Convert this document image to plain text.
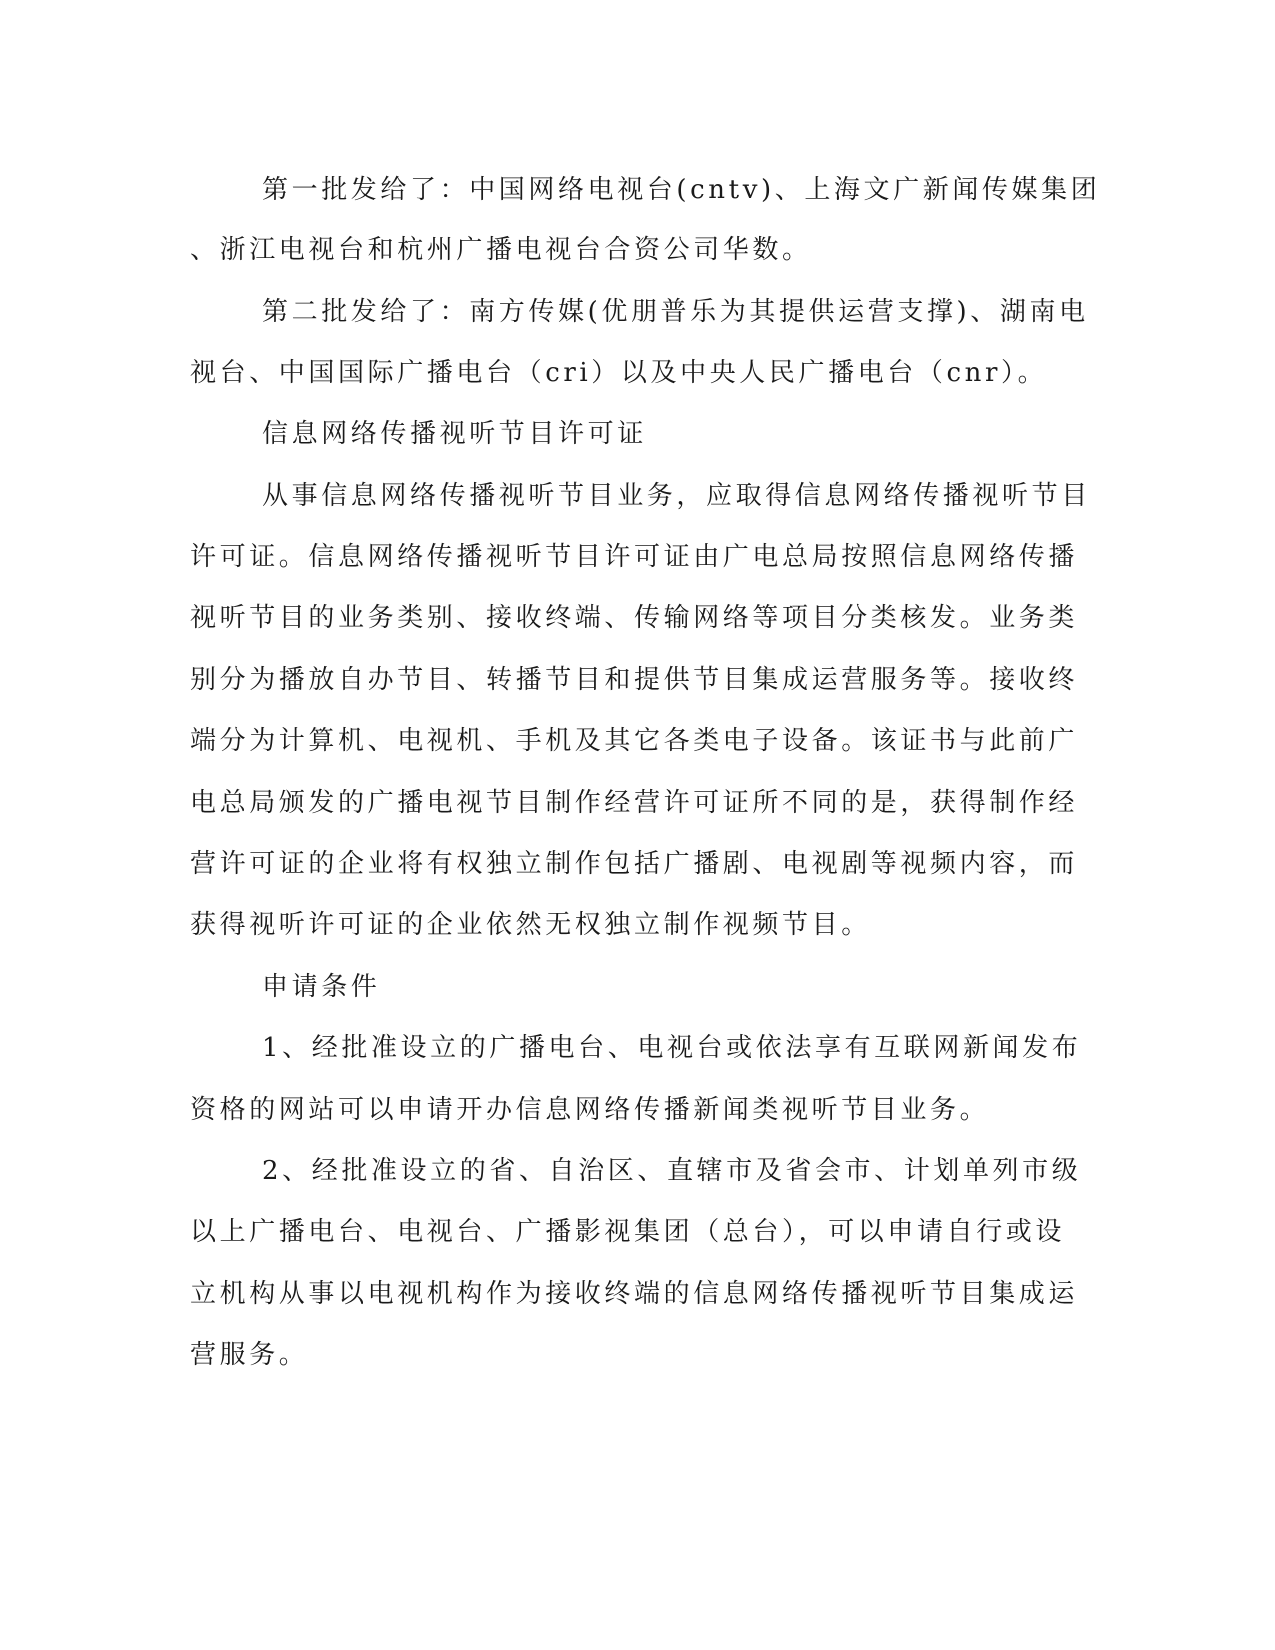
第一批发给了：中国网络电视台(cntv)、上海文广新闻传媒集团
、浙江电视台和杭州广播电视台合资公司华数。
第二批发给了：南方传媒(优朋普乐为其提供运营支撑)、湖南电
视台、中国国际广播电台（cri）以及中央人民广播电台（cnr）。
信息网络传播视听节目许可证
从事信息网络传播视听节目业务，应取得信息网络传播视听节目
许可证。信息网络传播视听节目许可证由广电总局按照信息网络传播
视听节目的业务类别、接收终端、传输网络等项目分类核发。业务类
别分为播放自办节目、转播节目和提供节目集成运营服务等。接收终
端分为计算机、电视机、手机及其它各类电子设备。该证书与此前广
电总局颁发的广播电视节目制作经营许可证所不同的是，获得制作经
营许可证的企业将有权独立制作包括广播剧、电视剧等视频内容，而
获得视听许可证的企业依然无权独立制作视频节目。
申请条件
1、经批准设立的广播电台、电视台或依法享有互联网新闻发布
资格的网站可以申请开办信息网络传播新闻类视听节目业务。
2、经批准设立的省、自治区、直辖市及省会市、计划单列市级
以上广播电台、电视台、广播影视集团（总台），可以申请自行或设
立机构从事以电视机构作为接收终端的信息网络传播视听节目集成运
营服务。
